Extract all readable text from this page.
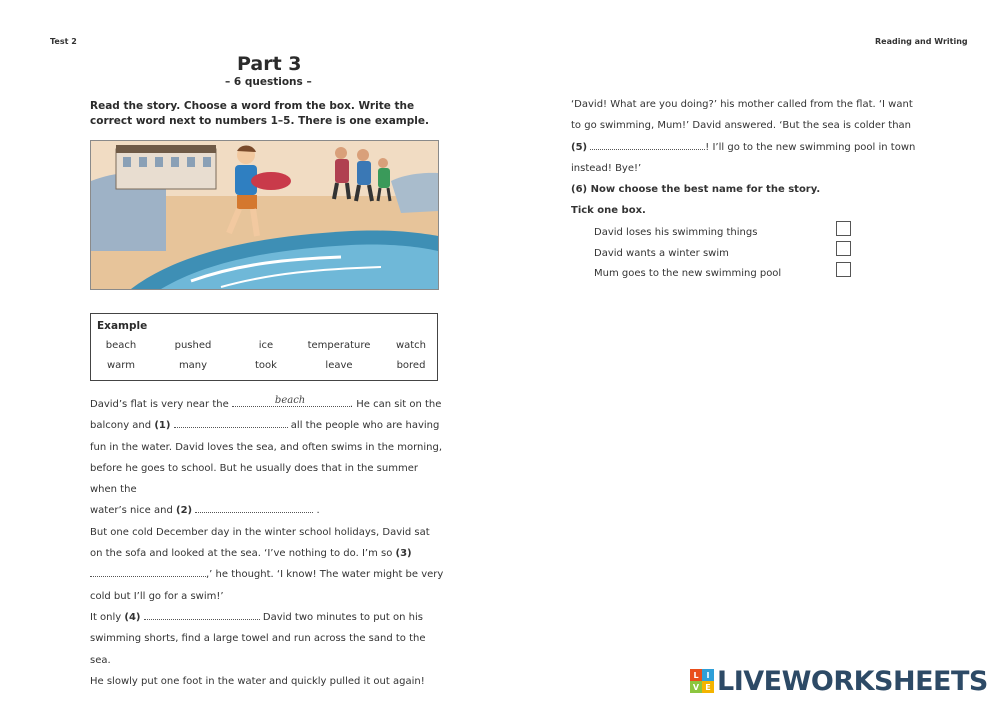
Test 2	Reading and Writing
Part 3
– 6 questions –
Read the story. Choose a word from the box. Write the correct word next to numbers 1–5. There is one example.
Example
beach	pushed	ice	temperature	watch
warm	many	took	leave	bored
David’s flat is very near the	beach	. He can sit on the
balcony and (1)	all the people who are having
fun in the water. David loves the sea, and often swims in the morning,
before he goes to school. But he usually does that in the summer when the
water’s nice and (2)	.
But one cold December day in the winter school holidays, David sat
on the sofa and looked at the sea. ‘I’ve nothing to do. I’m so (3)
,’ he thought. ‘I know! The water might be very
cold but I’ll go for a swim!’
It only (4)	David two minutes to put on his
swimming shorts, find a large towel and run across the sand to the sea.
He slowly put one foot in the water and quickly pulled it out again!
‘David! What are you doing?’ his mother called from the flat. ‘I want
to go swimming, Mum!’ David answered. ‘But the sea is colder than
(5)	! I’ll go to the new swimming pool in town
instead! Bye!’
(6) Now choose the best name for the story.
Tick one box.
David loses his swimming things
David wants a winter swim
Mum goes to the new swimming pool
L I
V E LIVEWORKSHEETS
